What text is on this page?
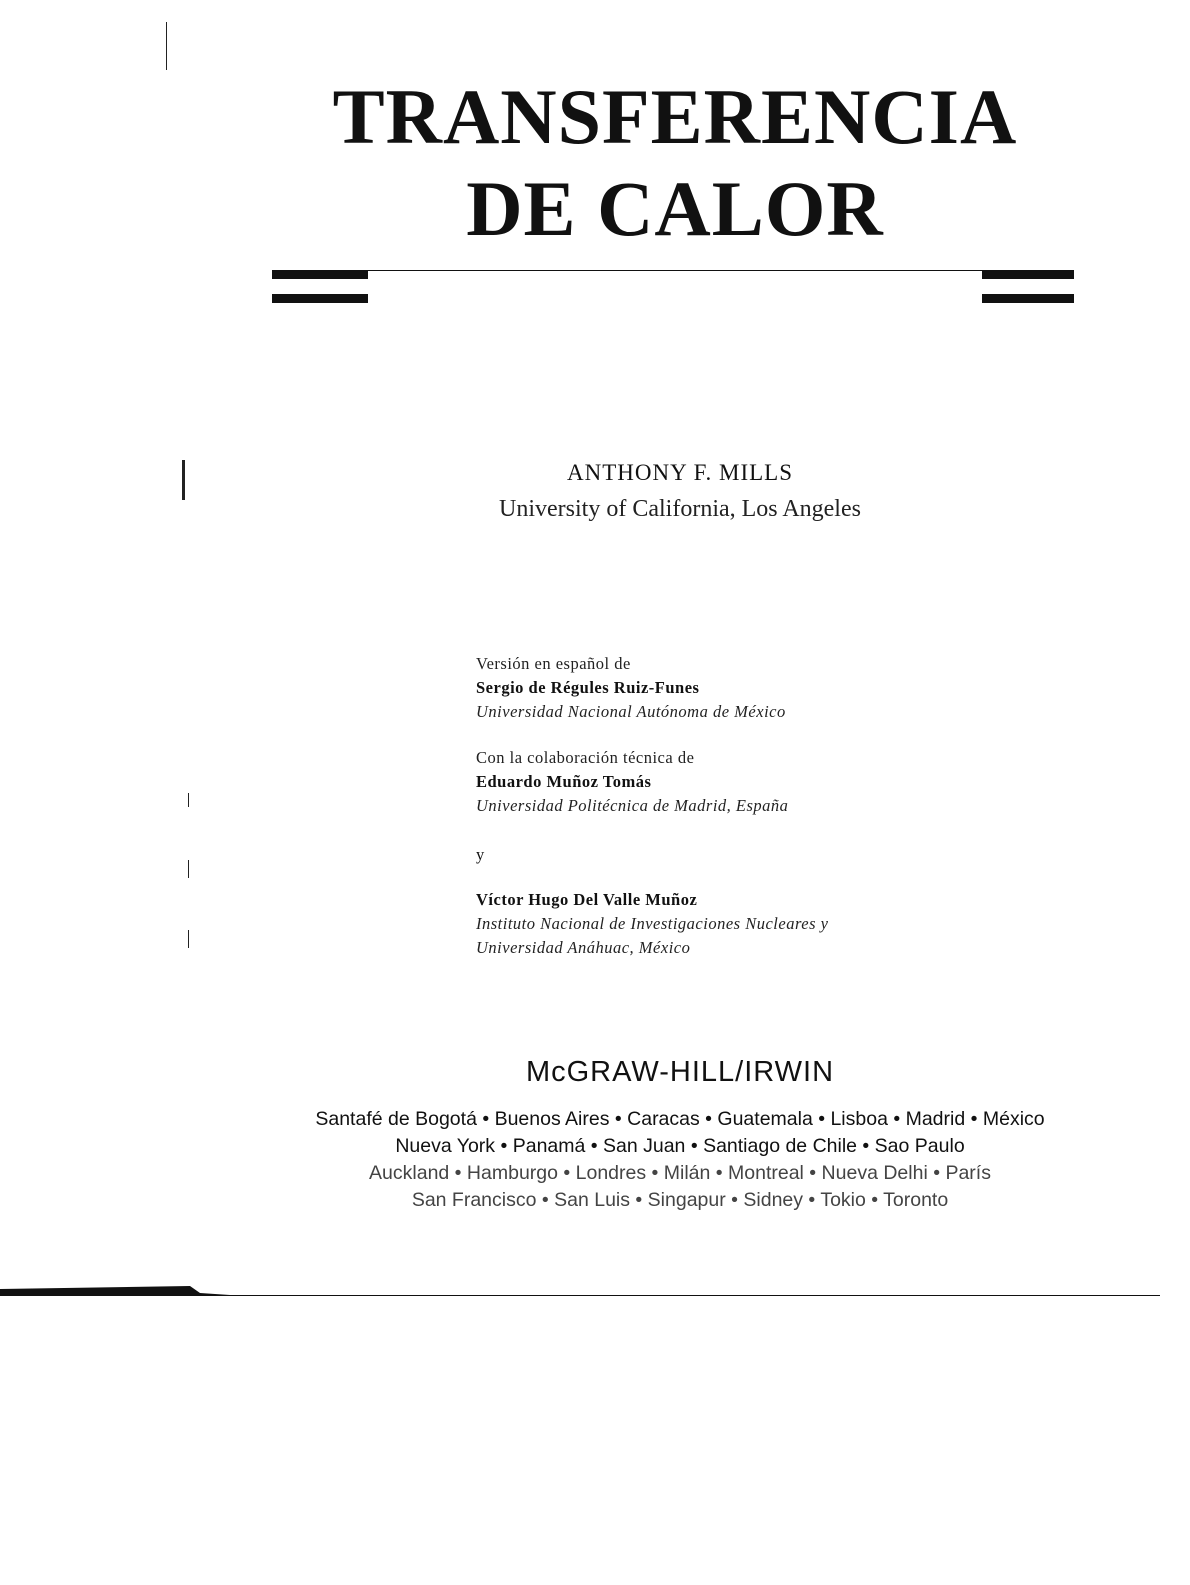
TRANSFERENCIA
DE CALOR
ANTHONY F. MILLS
University of California, Los Angeles
Versión en español de
Sergio de Régules Ruiz-Funes
Universidad Nacional Autónoma de México
Con la colaboración técnica de
Eduardo Muñoz Tomás
Universidad Politécnica de Madrid, España
y
Víctor Hugo Del Valle Muñoz
Instituto Nacional de Investigaciones Nucleares y
Universidad Anáhuac, México
McGRAW-HILL/IRWIN
Santafé de Bogotá • Buenos Aires • Caracas • Guatemala • Lisboa • Madrid • México
Nueva York • Panamá • San Juan • Santiago de Chile • Sao Paulo
Auckland • Hamburgo • Londres • Milán • Montreal • Nueva Delhi • París
San Francisco • San Luis • Singapur • Sidney • Tokio • Toronto
